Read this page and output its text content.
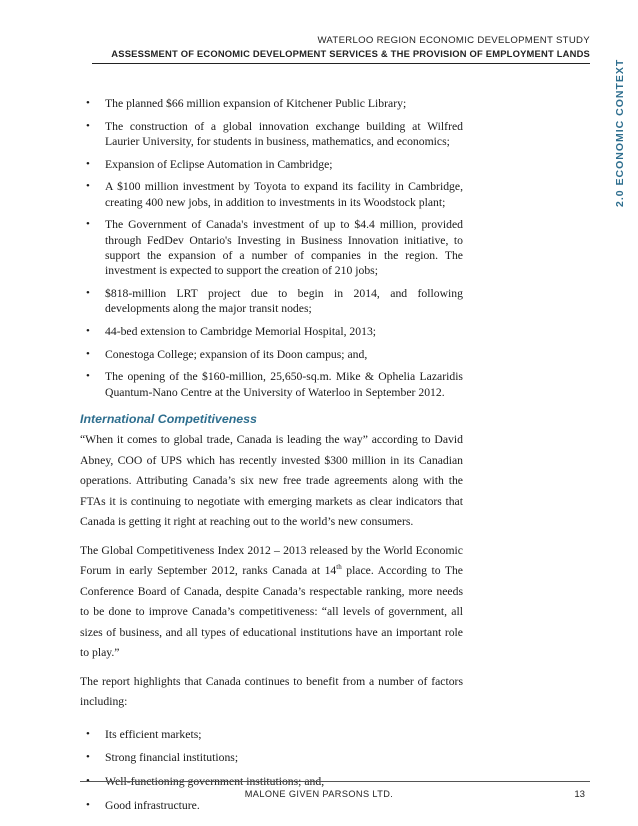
WATERLOO REGION ECONOMIC DEVELOPMENT STUDY
ASSESSMENT OF ECONOMIC DEVELOPMENT SERVICES & THE PROVISION OF EMPLOYMENT LANDS
2.0 ECONOMIC CONTEXT
• The planned $66 million expansion of Kitchener Public Library;
• The construction of a global innovation exchange building at Wilfred Laurier University, for students in business, mathematics, and economics;
• Expansion of Eclipse Automation in Cambridge;
• A $100 million investment by Toyota to expand its facility in Cambridge, creating 400 new jobs, in addition to investments in its Woodstock plant;
• The Government of Canada's investment of up to $4.4 million, provided through FedDev Ontario's Investing in Business Innovation initiative, to support the expansion of a number of companies in the region. The investment is expected to support the creation of 210 jobs;
• $818-million LRT project due to begin in 2014, and following developments along the major transit nodes;
• 44-bed extension to Cambridge Memorial Hospital, 2013;
• Conestoga College; expansion of its Doon campus; and,
• The opening of the $160-million, 25,650-sq.m. Mike & Ophelia Lazaridis Quantum-Nano Centre at the University of Waterloo in September 2012.
International Competitiveness

“When it comes to global trade, Canada is leading the way” according to David Abney, COO of UPS which has recently invested $300 million in its Canadian operations. Attributing Canada’s six new free trade agreements along with the FTAs it is continuing to negotiate with emerging markets as clear indicators that Canada is getting it right at reaching out to the world’s new consumers.

The Global Competitiveness Index 2012 – 2013 released by the World Economic Forum in early September 2012, ranks Canada at 14th place. According to The Conference Board of Canada, despite Canada’s respectable ranking, more needs to be done to improve Canada’s competitiveness: “all levels of government, all sizes of business, and all types of educational institutions have an important role to play.”

The report highlights that Canada continues to benefit from a number of factors including:

• Its efficient markets;
• Strong financial institutions;
• Well-functioning government institutions; and,
• Good infrastructure.
MALONE GIVEN PARSONS LTD.	13
